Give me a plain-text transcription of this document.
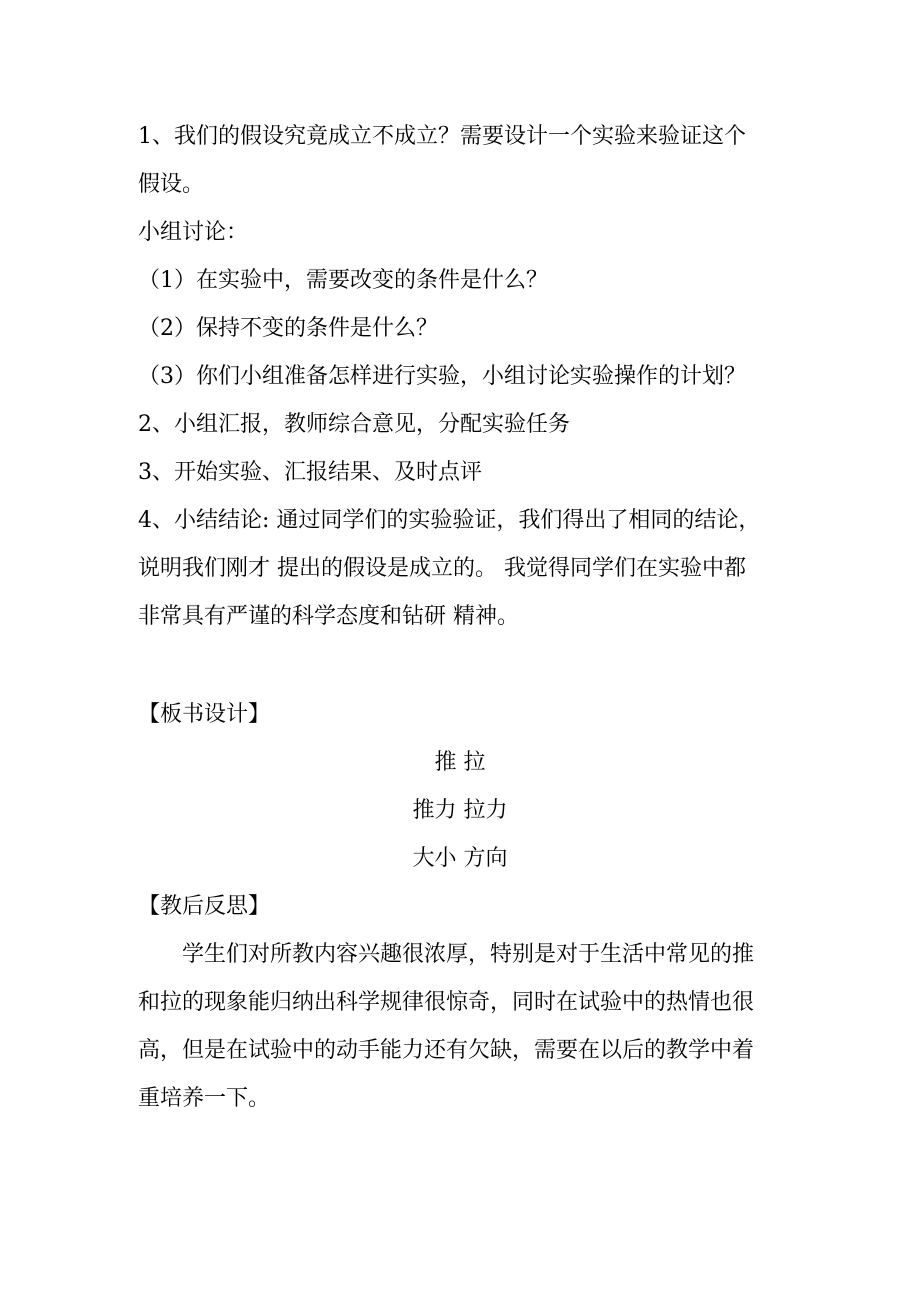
1、我们的假设究竟成立不成立？需要设计一个实验来验证这个
假设。
小组讨论：
（1）在实验中，需要改变的条件是什么？
（2）保持不变的条件是什么？
（3）你们小组准备怎样进行实验，小组讨论实验操作的计划？
2、小组汇报，教师综合意见，分配实验任务
3、开始实验、汇报结果、及时点评
4、小结结论: 通过同学们的实验验证，我们得出了相同的结论，
说明我们刚才 提出的假设是成立的。 我觉得同学们在实验中都
非常具有严谨的科学态度和钻研 精神。
【板书设计】
推 拉
推力 拉力
大小 方向
【教后反思】
学生们对所教内容兴趣很浓厚，特别是对于生活中常见的推
和拉的现象能归纳出科学规律很惊奇，同时在试验中的热情也很
高，但是在试验中的动手能力还有欠缺，需要在以后的教学中着
重培养一下。
